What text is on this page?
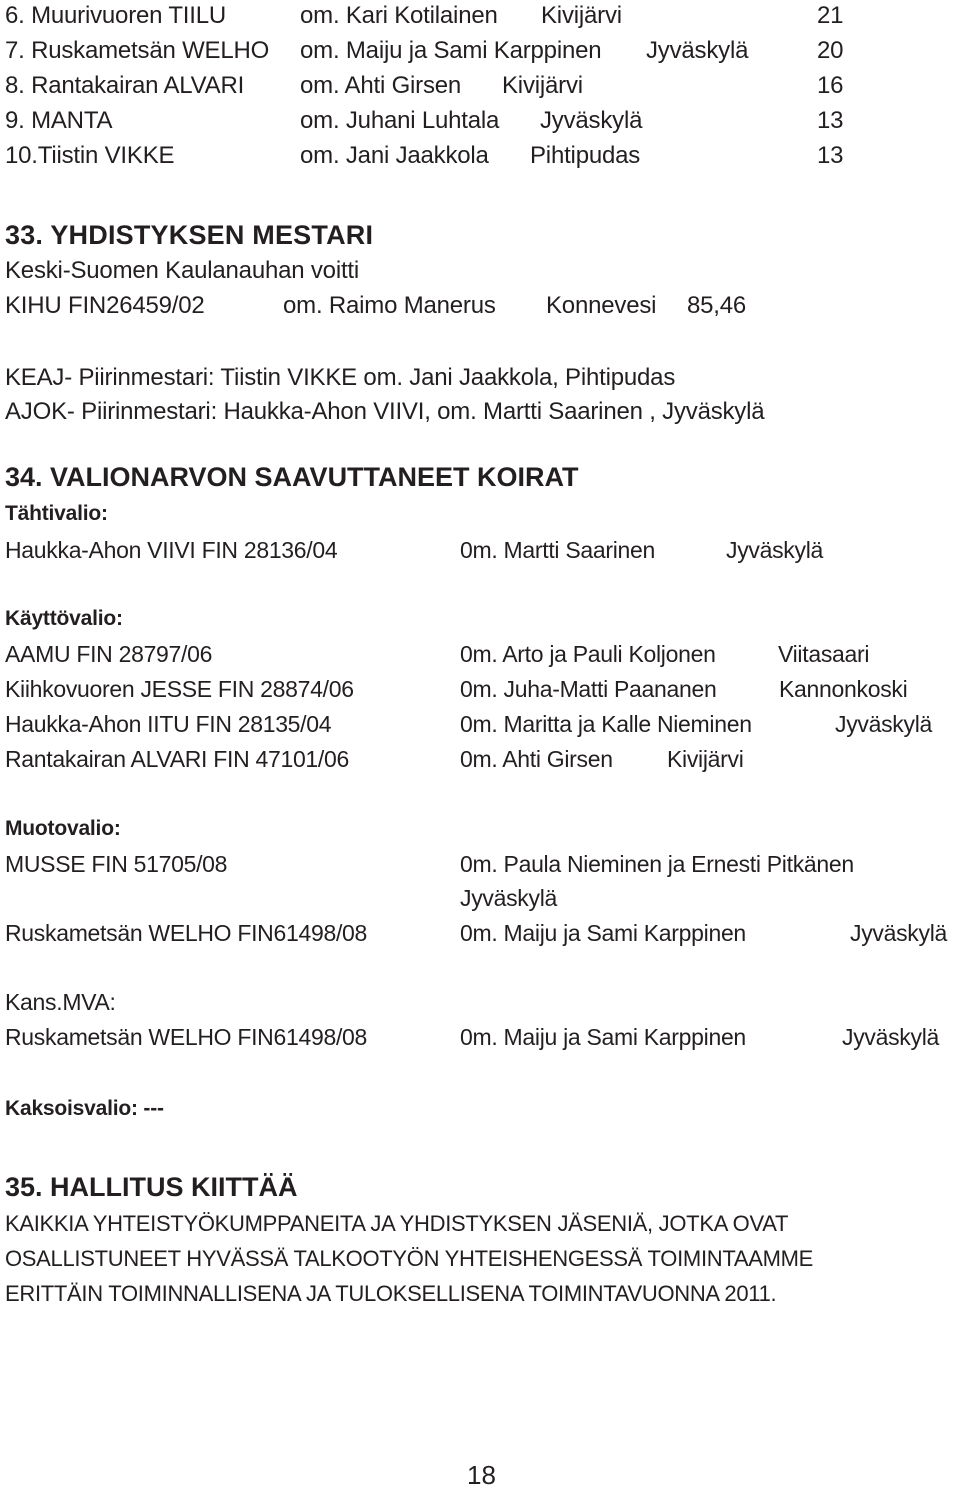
6. Muurivuoren TIILU	om. Kari Kotilainen Kivijärvi	21
7. Ruskametsän WELHO om. Maiju ja Sami Karppinen Jyväskylä	20
8. Rantakairan ALVARI om. Ahti Girsen Kivijärvi	16
9. MANTA	om. Juhani Luhtala Jyväskylä	13
10.Tiistin VIKKE	om. Jani Jaakkola Pihtipudas	13
33. YHDISTYKSEN MESTARI
Keski-Suomen Kaulanauhan voitti
KIHU FIN26459/02	om. Raimo Manerus Konnevesi 85,46
KEAJ- Piirinmestari: Tiistin VIKKE om. Jani Jaakkola, Pihtipudas
AJOK- Piirinmestari: Haukka-Ahon VIIVI, om. Martti Saarinen , Jyväskylä
34. VALIONARVON SAAVUTTANEET KOIRAT
Tähtivalio:
Haukka-Ahon VIIVI FIN 28136/04	0m. Martti Saarinen	Jyväskylä
Käyttövalio:
AAMU FIN 28797/06	0m. Arto ja Pauli Koljonen	Viitasaari
Kiihkovuoren JESSE FIN 28874/06	0m. Juha-Matti Paananen	Kannonkoski
Haukka-Ahon IITU FIN 28135/04	0m. Maritta ja Kalle Nieminen	Jyväskylä
Rantakairan ALVARI FIN 47101/06	0m. Ahti Girsen Kivijärvi
Muotovalio:
MUSSE FIN 51705/08	0m. Paula Nieminen ja Ernesti Pitkänen
Jyväskylä
Ruskametsän WELHO FIN61498/08	0m. Maiju ja Sami Karppinen	Jyväskylä
Kans.MVA:
Ruskametsän WELHO FIN61498/08	0m. Maiju ja Sami Karppinen	Jyväskylä
Kaksoisvalio: ---
35. HALLITUS KIITTÄÄ
KAIKKIA YHTEISTYÖKUMPPANEITA JA YHDISTYKSEN JÄSENIÄ, JOTKA OVAT
OSALLISTUNEET HYVÄSSÄ TALKOOTYÖN YHTEISHENGESSÄ TOIMINTAAMME
ERITTÄIN TOIMINNALLISENA JA TULOKSELLISENA TOIMINTAVUONNA 2011.
18
